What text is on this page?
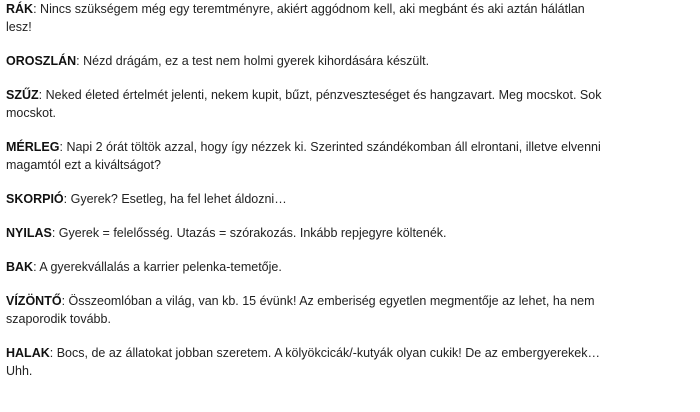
RÁK: Nincs szükségem még egy teremtményre, akiért aggódnom kell, aki megbánt és aki aztán hálátlan lesz!

OROSZLÁN: Nézd drágám, ez a test nem holmi gyerek kihordására készült.

SZŰZ: Neked életed értelmét jelenti, nekem kupit, bűzt, pénzveszteséget és hangzavart. Meg mocskot. Sok mocskot.

MÉRLEG: Napi 2 órát töltök azzal, hogy így nézzek ki. Szerinted szándékomban áll elrontani, illetve elvenni magamtól ezt a kiváltságot?

SKORPIÓ: Gyerek? Esetleg, ha fel lehet áldozni…

NYILAS: Gyerek = felelősség. Utazás = szórakozás. Inkább repjegyre költenék.

BAK: A gyerekvállalás a karrier pelenka-temetője.

VÍZÖNTŐ: Összeomlóban a világ, van kb. 15 évünk! Az emberiség egyetlen megmentője az lehet, ha nem szaporodik tovább.

HALAK: Bocs, de az állatokat jobban szeretem. A kölyökcicák/-kutyák olyan cukik! De az embergyerekek… Uhh.
